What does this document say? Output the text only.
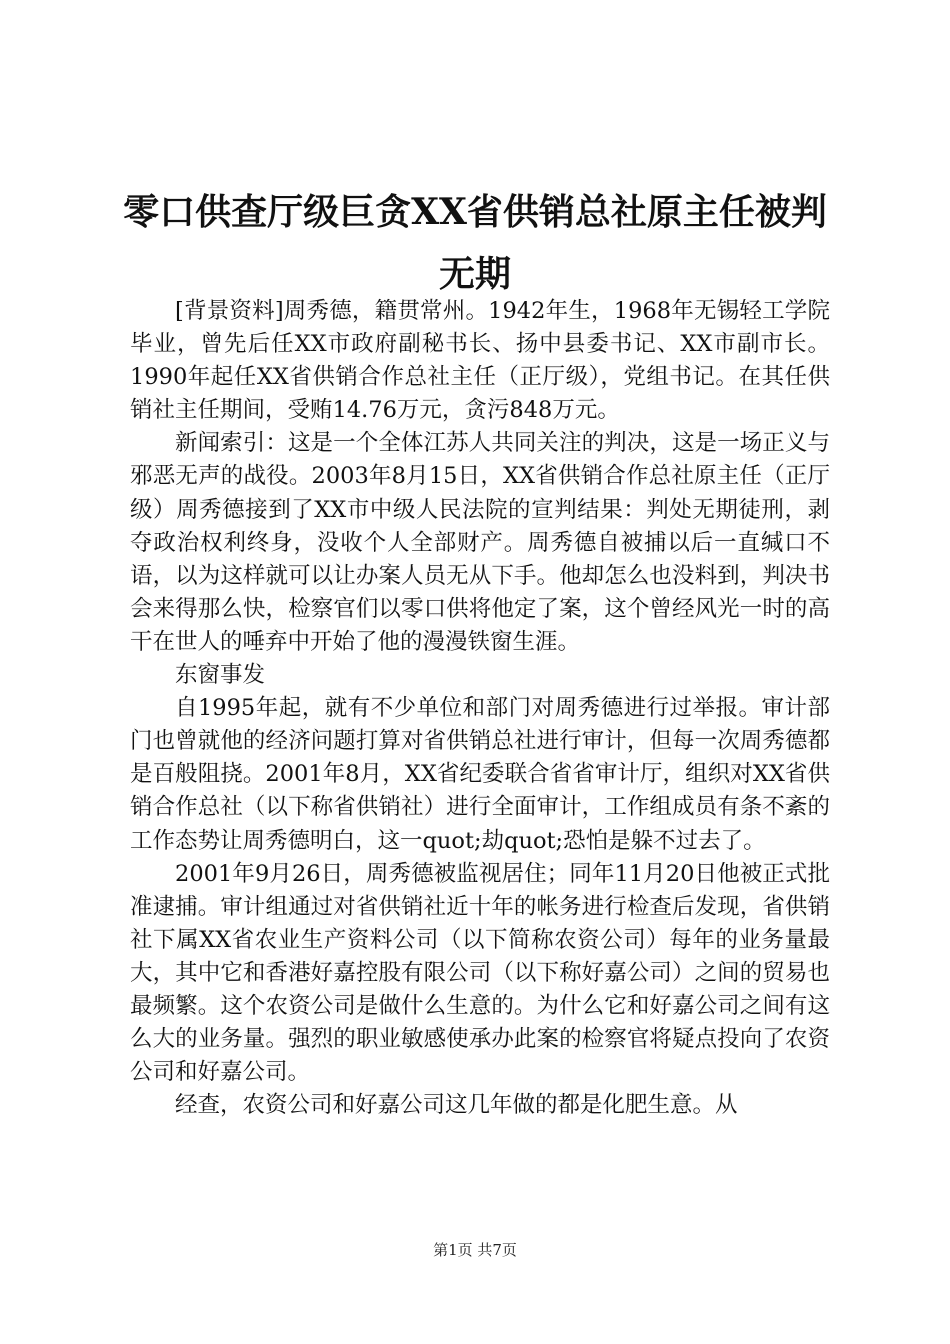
零口供查厅级巨贪XX省供销总社原主任被判
无期

[背景资料]周秀德，籍贯常州。1942年生，1968年无锡轻工学院毕业，曾先后任XX市政府副秘书长、扬中县委书记、XX市副市长。1990年起任XX省供销合作总社主任（正厅级），党组书记。在其任供销社主任期间，受贿14.76万元，贪污848万元。

新闻索引：这是一个全体江苏人共同关注的判决，这是一场正义与邪恶无声的战役。2003年8月15日，XX省供销合作总社原主任（正厅级）周秀德接到了XX市中级人民法院的宣判结果：判处无期徒刑，剥夺政治权利终身，没收个人全部财产。周秀德自被捕以后一直缄口不语，以为这样就可以让办案人员无从下手。他却怎么也没料到，判决书会来得那么快，检察官们以零口供将他定了案，这个曾经风光一时的高干在世人的唾弃中开始了他的漫漫铁窗生涯。

东窗事发

自1995年起，就有不少单位和部门对周秀德进行过举报。审计部门也曾就他的经济问题打算对省供销总社进行审计，但每一次周秀德都是百般阻挠。2001年8月，XX省纪委联合省省审计厅，组织对XX省供销合作总社（以下称省供销社）进行全面审计，工作组成员有条不紊的工作态势让周秀德明白，这一quot;劫quot;恐怕是躲不过去了。

2001年9月26日，周秀德被监视居住；同年11月20日他被正式批准逮捕。审计组通过对省供销社近十年的帐务进行检查后发现，省供销社下属XX省农业生产资料公司（以下简称农资公司）每年的业务量最大，其中它和香港好嘉控股有限公司（以下称好嘉公司）之间的贸易也最频繁。这个农资公司是做什么生意的。为什么它和好嘉公司之间有这么大的业务量。强烈的职业敏感使承办此案的检察官将疑点投向了农资公司和好嘉公司。

经查，农资公司和好嘉公司这几年做的都是化肥生意。从

第1页 共7页
